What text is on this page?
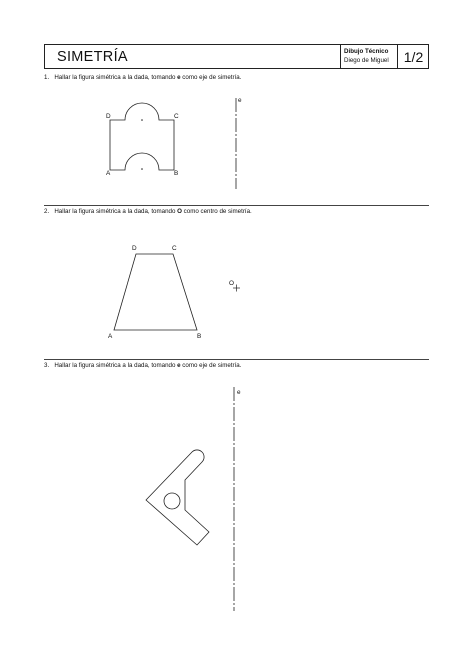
SIMETRÍA	Dibujo Técnico
Diego de Miguel	1/2
1. Hallar la figura simétrica a la dada, tomando e como eje de simetría.
2. Hallar la figura simétrica a la dada, tomando O como centro de simetría.
3. Hallar la figura simétrica a la dada, tomando e como eje de simetría.
D	C
A	B
e
D	C
A	B
O
e
